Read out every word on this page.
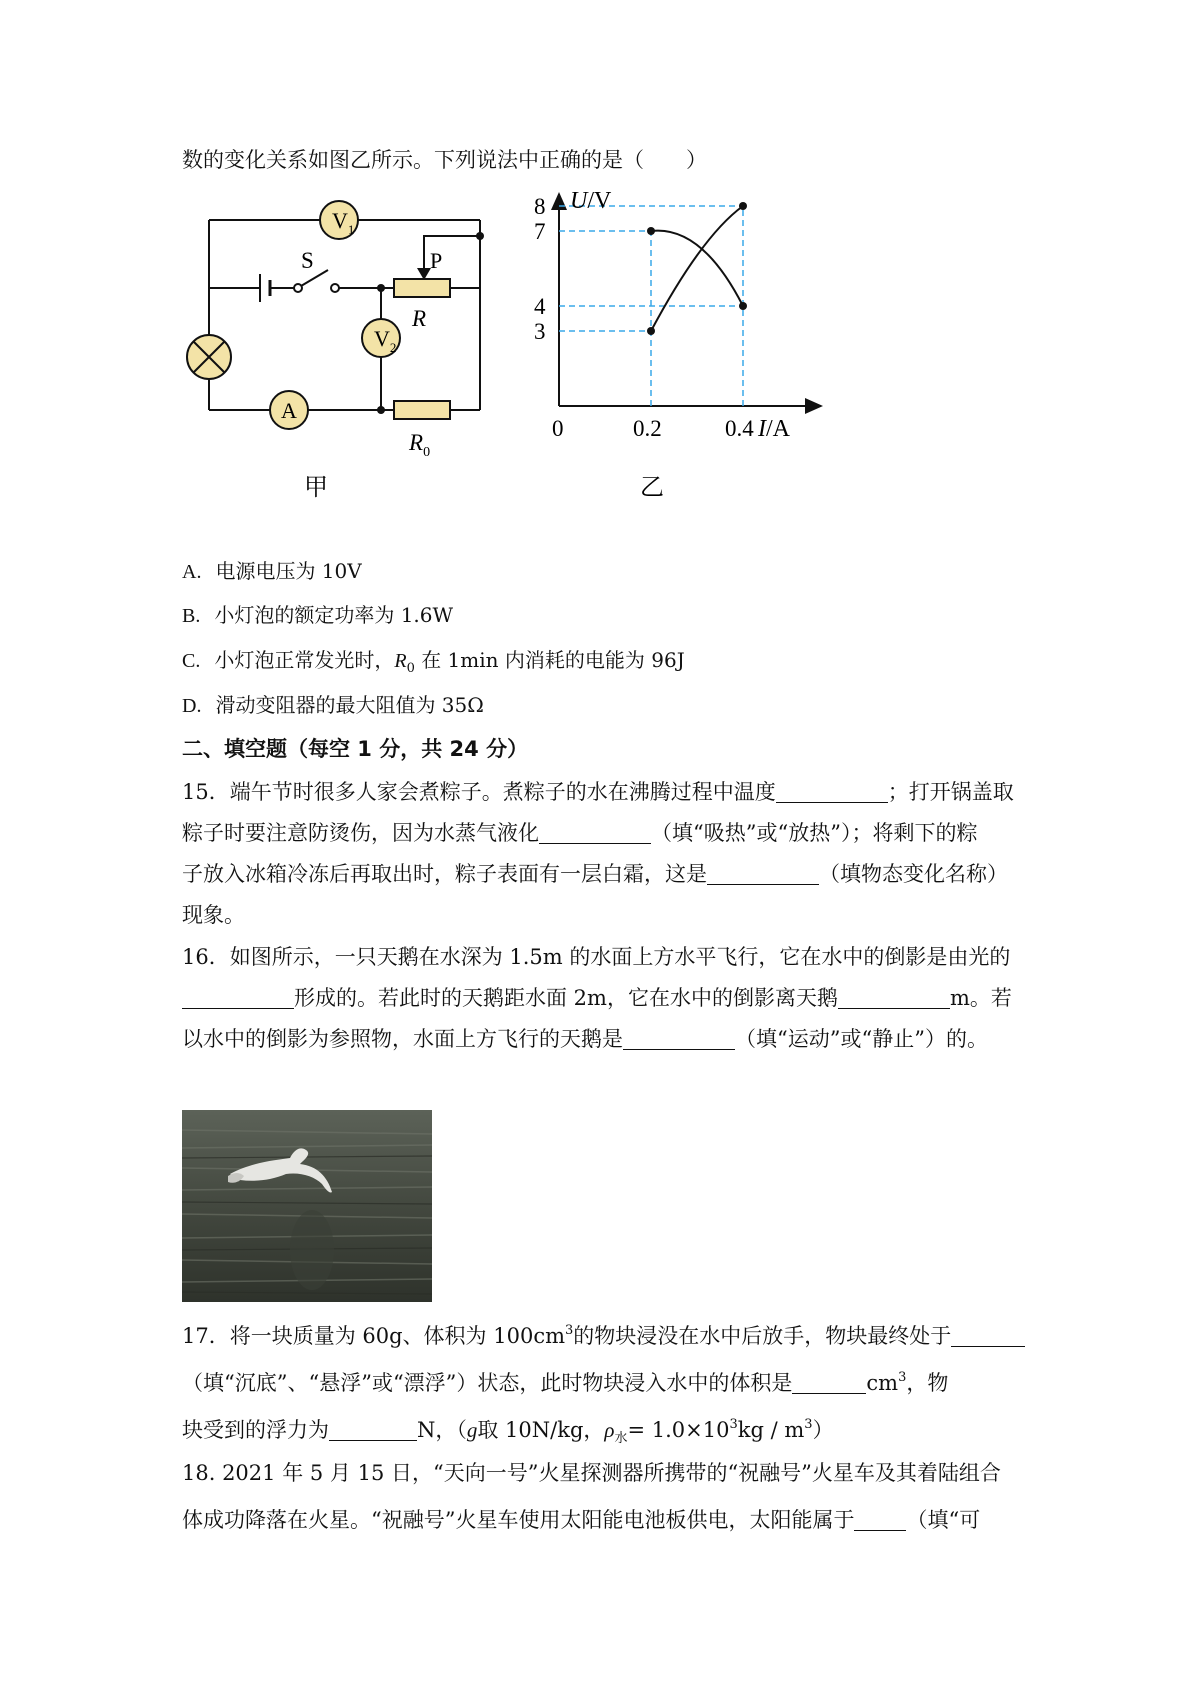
数的变化关系如图乙所示。下列说法中正确的是（　　）
$V_1$
$V_2$
A
S	P
R
$R_0$
甲
8
7
4
3
0.2	0.4
U/V
I/A
0
乙
A. 电源电压为 10V
B. 小灯泡的额定功率为 1.6W
C. 小灯泡正常发光时，$R_0$ 在 1min 内消耗的电能为 96J
D. 滑动变阻器的最大阻值为 35Ω
二、填空题（每空 1 分，共 24 分）
15．端午节时很多人家会煮粽子。煮粽子的水在沸腾过程中温度	；打开锅盖取
粽子时要注意防烫伤，因为水蒸气液化	（填“吸热”或“放热”）；将剩下的粽
子放入冰箱冷冻后再取出时，粽子表面有一层白霜，这是	（填物态变化名称）
现象。
16．如图所示，一只天鹅在水深为 1.5m 的水面上方水平飞行，它在水中的倒影是由光的
形成的。若此时的天鹅距水面 2m，它在水中的倒影离天鹅	m。若
以水中的倒影为参照物，水面上方飞行的天鹅是	（填“运动”或“静止”）的。
17．将一块质量为 60g、体积为 $100cm^3$的物块浸没在水中后放手，物块最终处于
（填“沉底”、“悬浮”或“漂浮”）状态，此时物块浸入水中的体积是	$cm^3$，物
块受到的浮力为	N，（g取 10N/kg，$\rho_水= 1.0\times 10^3kg / m^3$）
18. 2021 年 5 月 15 日，“天向一号”火星探测器所携带的“祝融号”火星车及其着陆组合
体成功降落在火星。“祝融号”火星车使用太阳能电池板供电，太阳能属于 （填“可
